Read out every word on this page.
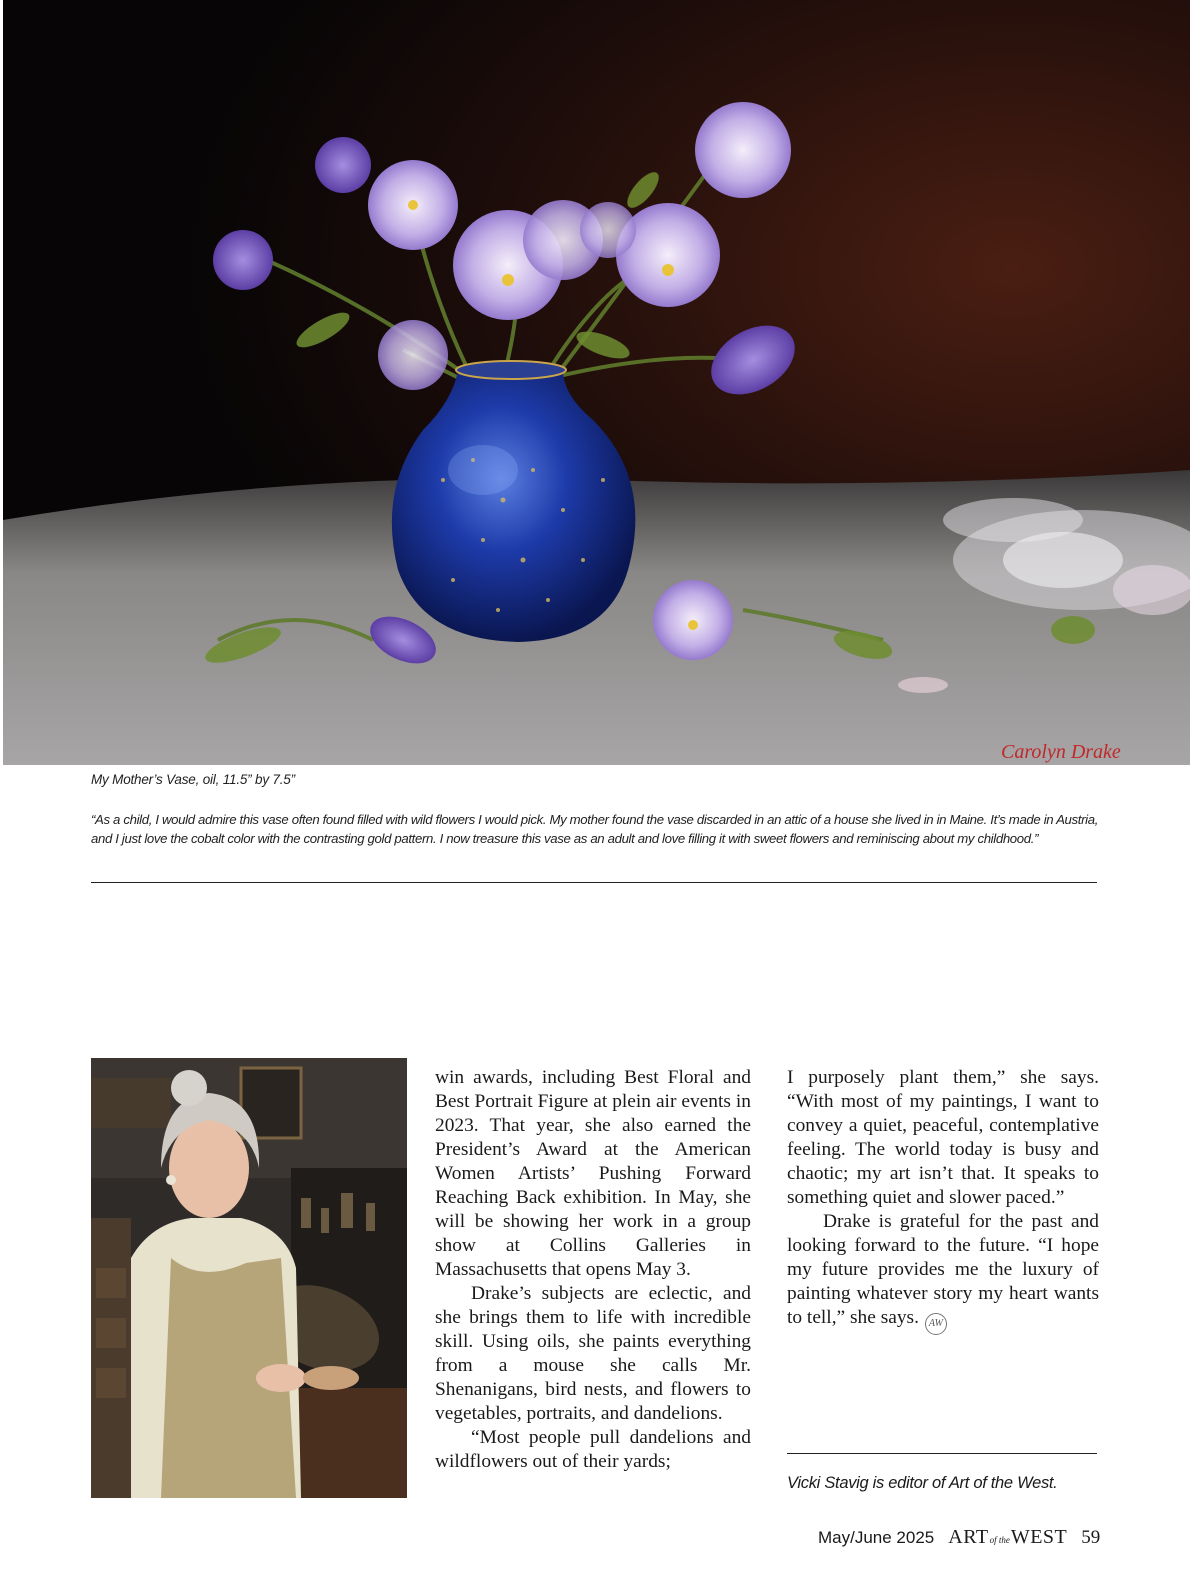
Carolyn Drake
My Mother’s Vase, oil, 11.5” by 7.5”
“As a child, I would admire this vase often found filled with wild flowers I would pick. My mother found the vase discarded in an attic of a house she lived in in Maine. It’s made in Austria, and I just love the cobalt color with the contrasting gold pattern. I now treasure this vase as an adult and love filling it with sweet flowers and reminiscing about my childhood.”

win awards, including Best Floral and Best Portrait Figure at plein air events in 2023. That year, she also earned the President’s Award at the American Women Artists’ Pushing Forward Reaching Back exhibition. In May, she will be showing her work in a group show at Collins Galleries in Massachusetts that opens May 3.

Drake’s subjects are eclectic, and she brings them to life with incredible skill. Using oils, she paints everything from a mouse she calls Mr. Shenanigans, bird nests, and flowers to vegetables, portraits, and dandelions.

“Most people pull dandelions and wildflowers out of their yards;

I purposely plant them,” she says. “With most of my paintings, I want to convey a quiet, peaceful, contemplative feeling. The world today is busy and chaotic; my art isn’t that. It speaks to something quiet and slower paced.”

Drake is grateful for the past and looking forward to the future. “I hope my future provides me the luxury of painting whatever story my heart wants to tell,” she says. AW

Vicki Stavig is editor of Art of the West.
May/June 2025 ARTof theWEST 59
